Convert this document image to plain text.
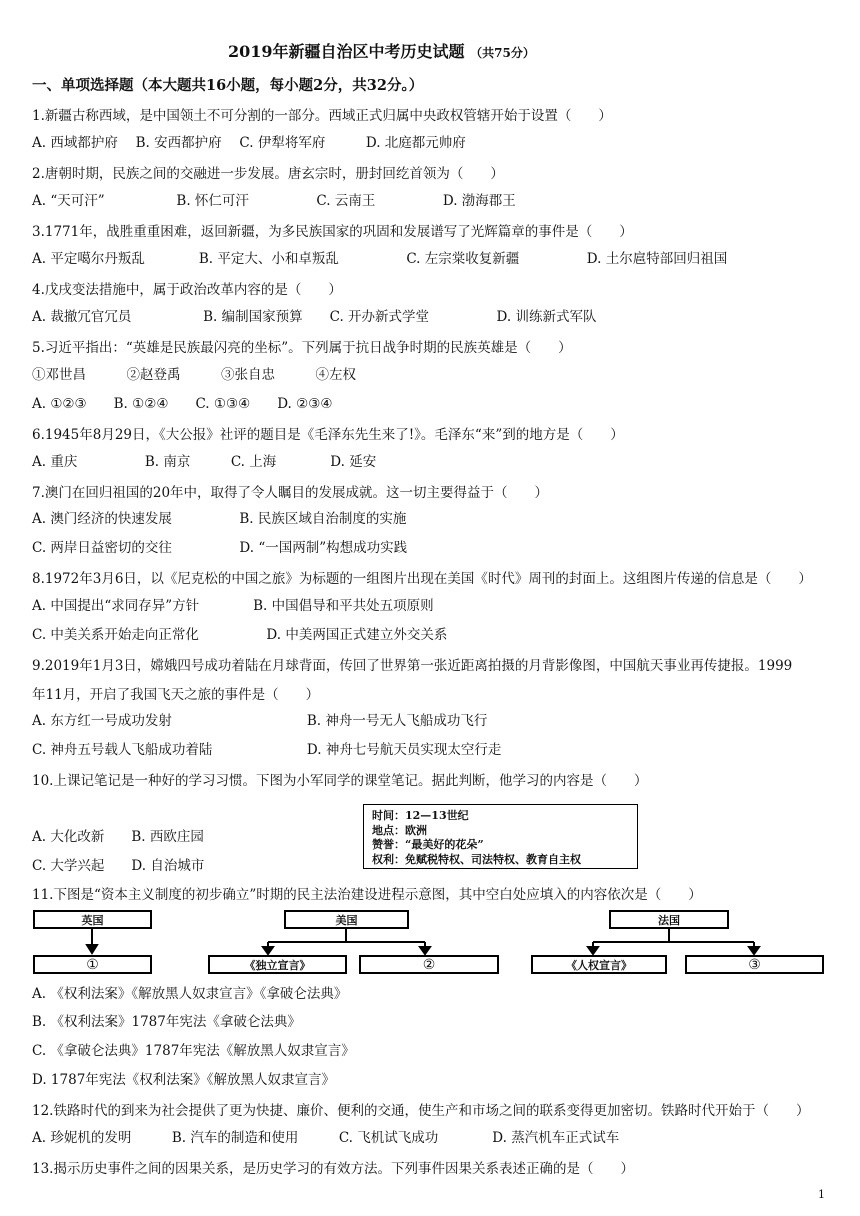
2019年新疆自治区中考历史试题 （共75分）
一、单项选择题（本大题共16小题，每小题2分，共32分。）
1.新疆古称西域，是中国领土不可分割的一部分。西域正式归属中央政权管辖开始于设置（　　）
A. 西域都护府　 B. 安西都护府　 C. 伊犁将军府　　　D. 北庭都元帅府
2.唐朝时期，民族之间的交融进一步发展。唐玄宗时，册封回纥首领为（　　）
A. “天可汗”　　　　　 B. 怀仁可汗　　　　　C. 云南王　　　　　D. 渤海郡王
3.1771年，战胜重重困难，返回新疆，为多民族国家的巩固和发展谱写了光辉篇章的事件是（　　）
A. 平定噶尔丹叛乱　　　　B. 平定大、小和卓叛乱　　　　　C. 左宗棠收复新疆　　　　　D. 土尔扈特部回归祖国
4.戊戌变法措施中，属于政治改革内容的是（　　）
A. 裁撤冗官冗员　　　　　 B. 编制国家预算　　C. 开办新式学堂　　　　　D. 训练新式军队
5.习近平指出：“英雄是民族最闪亮的坐标”。下列属于抗日战争时期的民族英雄是（　　）
①邓世昌　　　②赵登禹　　　③张自忠　　　④左权
A. ①②③　　B. ①②④　　C. ①③④　　D. ②③④
6.1945年8月29日，《大公报》社评的题目是《毛泽东先生来了!》。毛泽东“来”到的地方是（　　）
A. 重庆　　　　　B. 南京　　　C. 上海　　　　D. 延安
7.澳门在回归祖国的20年中，取得了令人瞩目的发展成就。这一切主要得益于（　　）
A. 澳门经济的快速发展　　　　　B. 民族区域自治制度的实施
C. 两岸日益密切的交往　　　　　D. “一国两制”构想成功实践
8.1972年3月6日，以《尼克松的中国之旅》为标题的一组图片出现在美国《时代》周刊的封面上。这组图片传递的信息是（　　）
A. 中国提出“求同存异”方针　　　　B. 中国倡导和平共处五项原则
C. 中美关系开始走向正常化　　　　　D. 中美两国正式建立外交关系
9.2019年1月3日，嫦娥四号成功着陆在月球背面，传回了世界第一张近距离拍摄的月背影像图，中国航天事业再传捷报。1999
年11月，开启了我国飞天之旅的事件是（　　）
A. 东方红一号成功发射　　　　　　　　　　B. 神舟一号无人飞船成功飞行
C. 神舟五号载人飞船成功着陆　　　　　　　D. 神舟七号航天员实现太空行走
10.上课记笔记是一种好的学习习惯。下图为小军同学的课堂笔记。据此判断，他学习的内容是（　　）
A. 大化改新　　B. 西欧庄园
C. 大学兴起　　D. 自治城市
时间：12—13世纪
地点：欧洲
赞誉：“最美好的花朵”
权利：免赋税特权、司法特权、教育自主权
11.下图是“资本主义制度的初步确立”时期的民主法治建设进程示意图，其中空白处应填入的内容依次是（　　）
英国
①
美国
《独立宣言》	②
法国
《人权宣言》	③
A. 《权利法案》《解放黑人奴隶宣言》《拿破仑法典》
B. 《权利法案》1787年宪法《拿破仑法典》
C. 《拿破仑法典》1787年宪法《解放黑人奴隶宣言》
D. 1787年宪法《权利法案》《解放黑人奴隶宣言》
12.铁路时代的到来为社会提供了更为快捷、廉价、便利的交通，使生产和市场之间的联系变得更加密切。铁路时代开始于（　　）
A. 珍妮机的发明　　　B. 汽车的制造和使用　　　C. 飞机试飞成功　　　　D. 蒸汽机车正式试车
13.揭示历史事件之间的因果关系，是历史学习的有效方法。下列事件因果关系表述正确的是（　　）
1
